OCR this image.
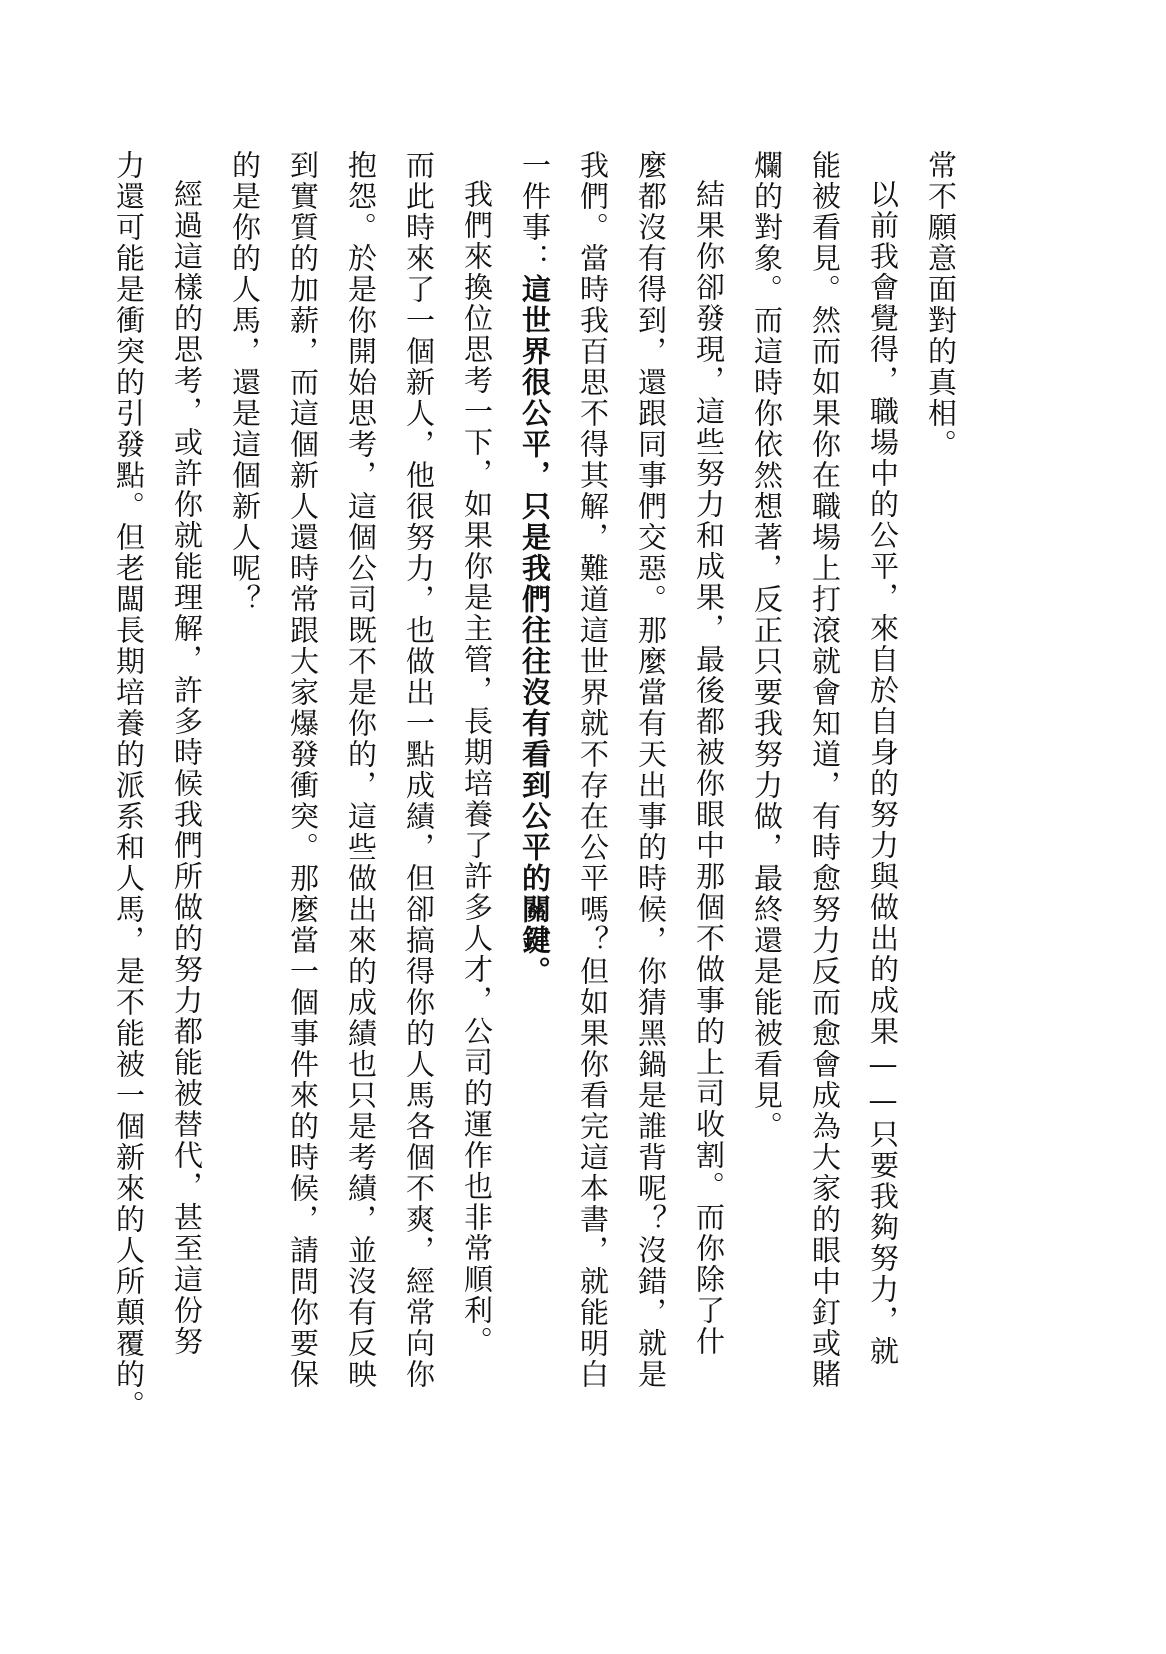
常不願意面對的真相。
以前我會覺得，職場中的公平，來自於自身的努力與做出的成果——只要我夠努力，就
能被看見。然而如果你在職場上打滾就會知道，有時愈努力反而愈會成為大家的眼中釘或賭
爛的對象。而這時你依然想著，反正只要我努力做，最終還是能被看見。
結果你卻發現，這些努力和成果，最後都被你眼中那個不做事的上司收割。而你除了什
麼都沒有得到，還跟同事們交惡。那麼當有天出事的時候，你猜黑鍋是誰背呢？沒錯，就是
我們。當時我百思不得其解，難道這世界就不存在公平嗎？但如果你看完這本書，就能明白
一件事：這世界很公平，只是我們往往沒有看到公平的關鍵。
我們來換位思考一下，如果你是主管，長期培養了許多人才，公司的運作也非常順利。
而此時來了一個新人，他很努力，也做出一點成績，但卻搞得你的人馬各個不爽，經常向你
抱怨。於是你開始思考，這個公司既不是你的，這些做出來的成績也只是考績，並沒有反映
到實質的加薪，而這個新人還時常跟大家爆發衝突。那麼當一個事件來的時候，請問你要保
的是你的人馬，還是這個新人呢？
經過這樣的思考，或許你就能理解，許多時候我們所做的努力都能被替代，甚至這份努
力還可能是衝突的引發點。但老闆長期培養的派系和人馬，是不能被一個新來的人所顛覆的。
